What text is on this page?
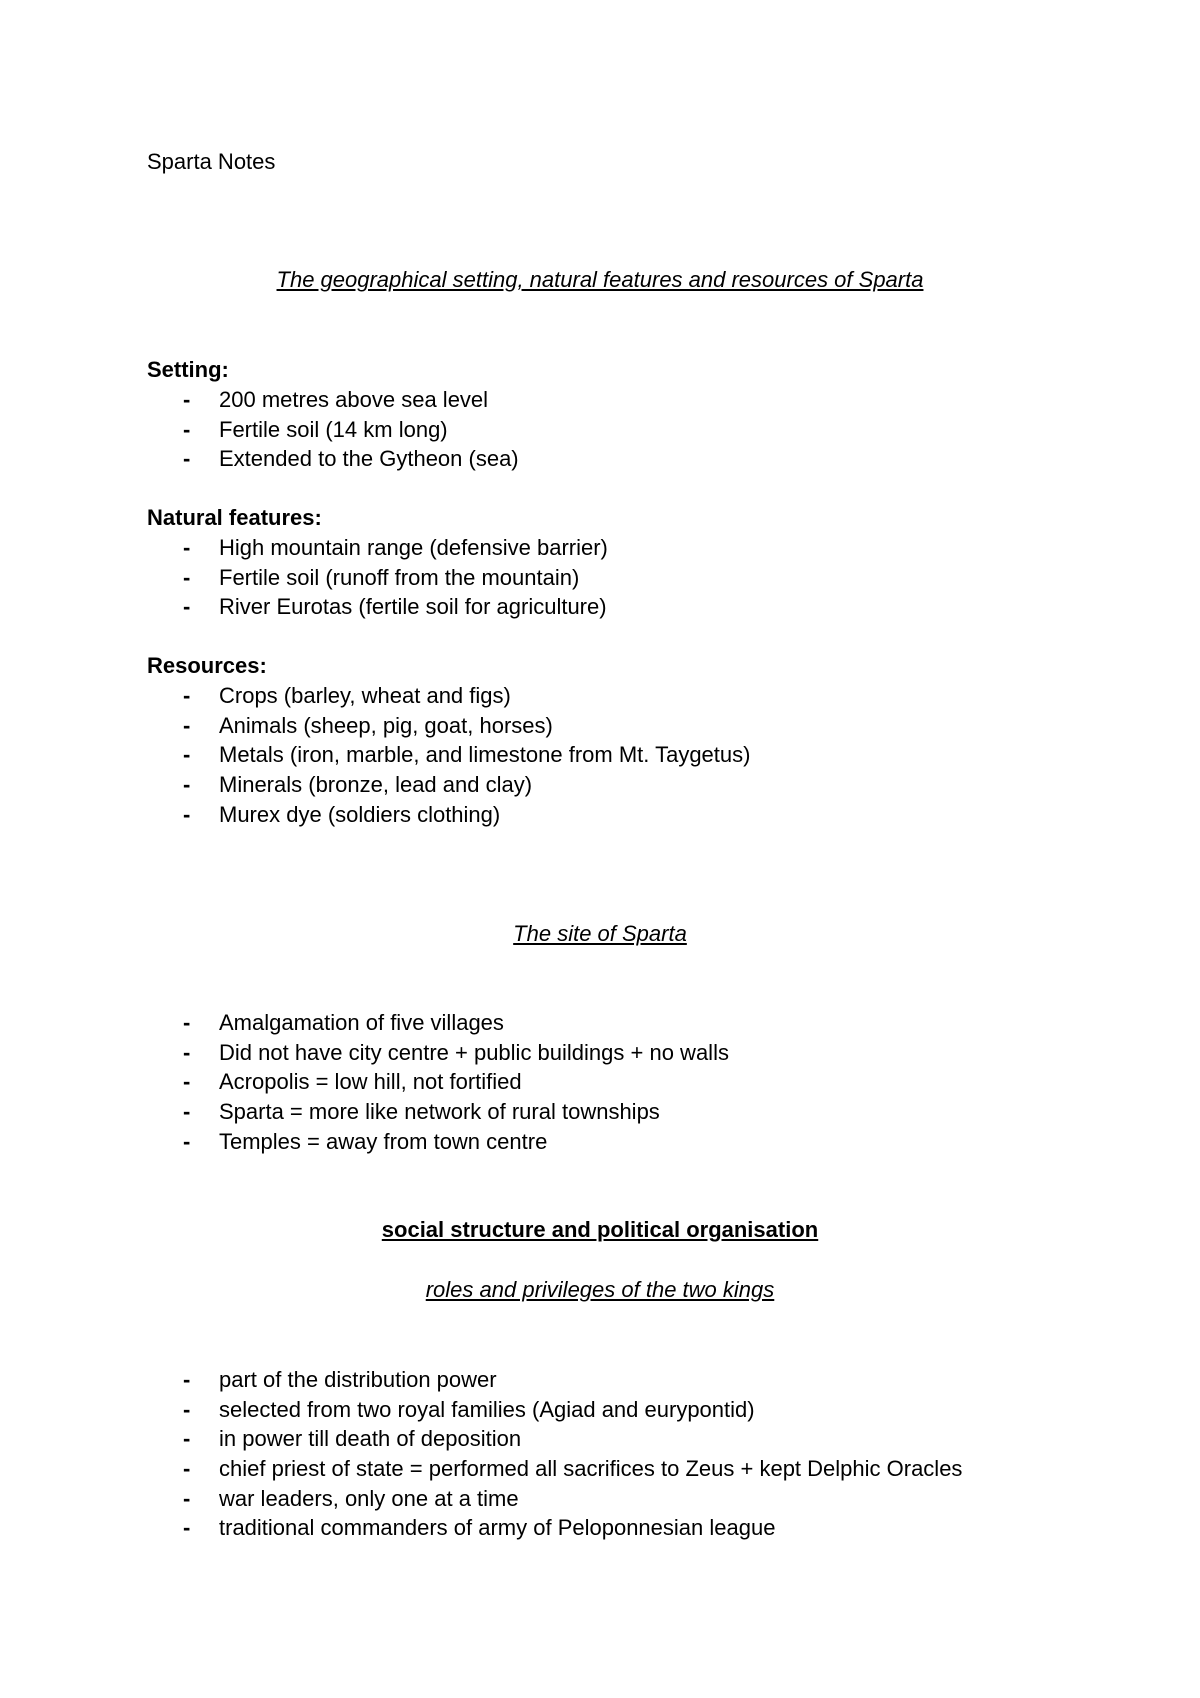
Sparta Notes
The geographical setting, natural features and resources of Sparta
Setting:
- 200 metres above sea level
- Fertile soil (14 km long)
- Extended to the Gytheon (sea)
Natural features:
- High mountain range (defensive barrier)
- Fertile soil (runoff from the mountain)
- River Eurotas (fertile soil for agriculture)
Resources:
- Crops (barley, wheat and figs)
- Animals (sheep, pig, goat, horses)
- Metals (iron, marble, and limestone from Mt. Taygetus)
- Minerals (bronze, lead and clay)
- Murex dye (soldiers clothing)
The site of Sparta
- Amalgamation of five villages
- Did not have city centre + public buildings + no walls
- Acropolis = low hill, not fortified
- Sparta = more like network of rural townships
- Temples = away from town centre
social structure and political organisation
roles and privileges of the two kings
- part of the distribution power
- selected from two royal families (Agiad and eurypontid)
- in power till death of deposition
- chief priest of state = performed all sacrifices to Zeus + kept Delphic Oracles
- war leaders, only one at a time
- traditional commanders of army of Peloponnesian league
